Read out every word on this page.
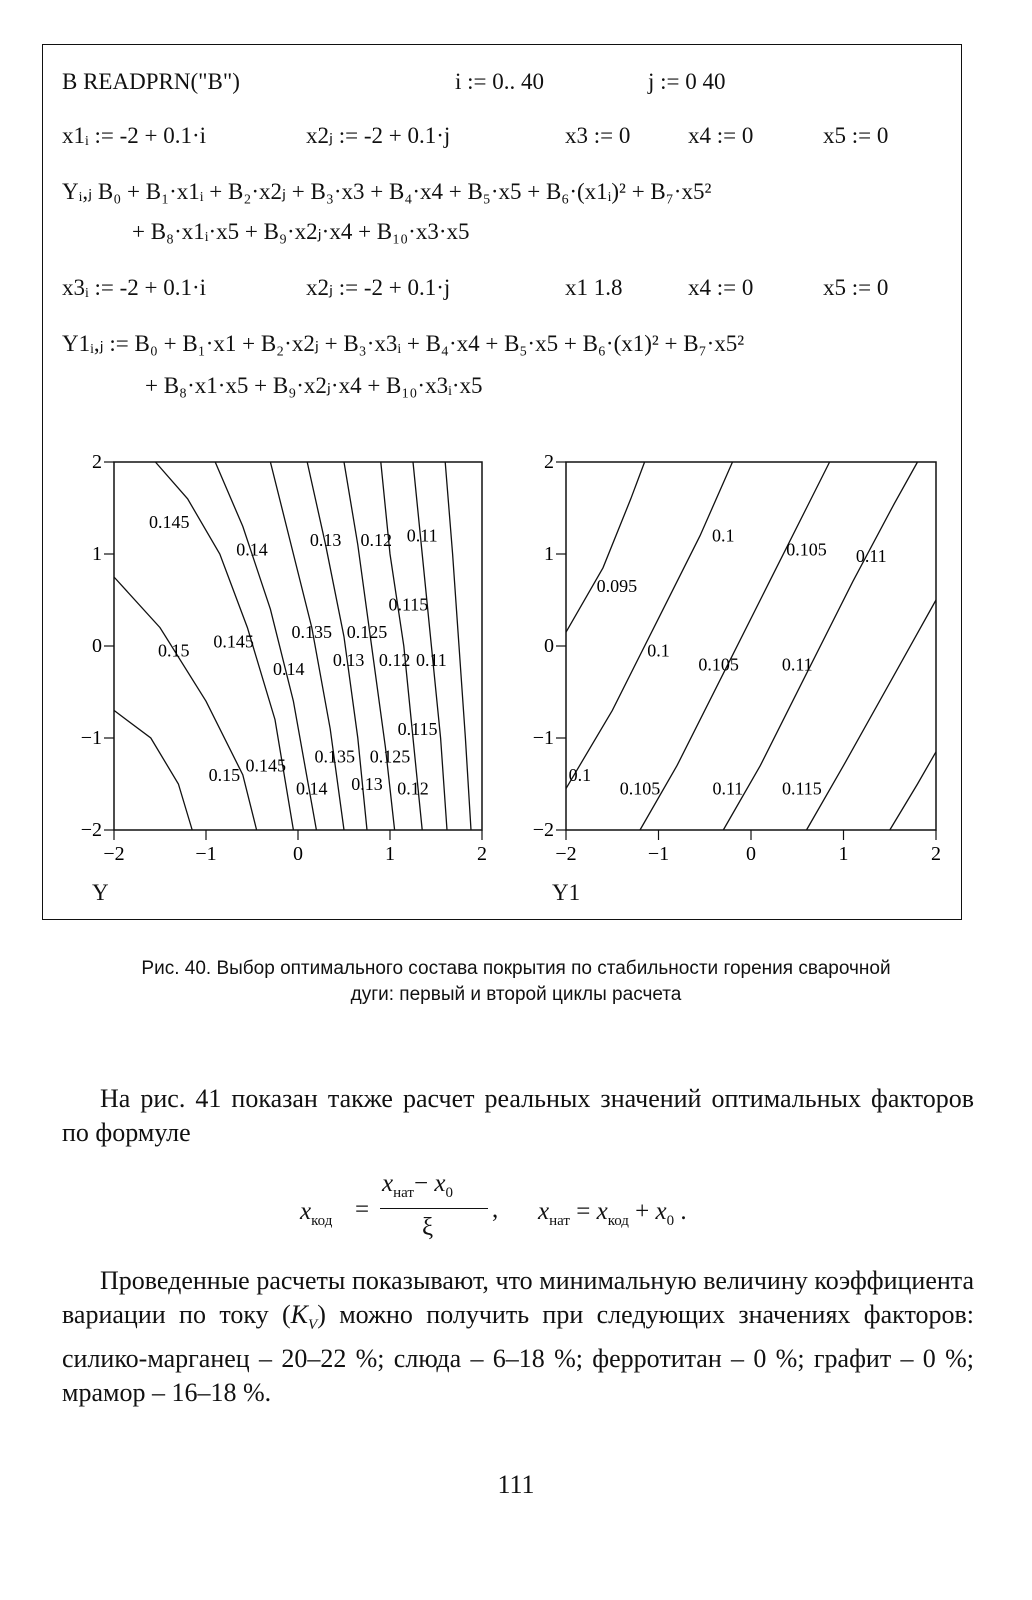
B READPRN("B")	i := 0.. 40	j := 0 40
x1ᵢ := -2 + 0.1·i	x2ⱼ := -2 + 0.1·j	x3 := 0	x4 := 0	x5 := 0
Yᵢ,ⱼ B₀ + B₁·x1ᵢ + B₂·x2ⱼ + B₃·x3 + B₄·x4 + B₅·x5 + B₆·(x1ᵢ)² + B₇·x5²
+ B₈·x1ᵢ·x5 + B₉·x2ⱼ·x4 + B₁₀·x3·x5
x3ᵢ := -2 + 0.1·i	x2ⱼ := -2 + 0.1·j	x1 1.8	x4 := 0	x5 := 0
Y1ᵢ,ⱼ := B₀ + B₁·x1 + B₂·x2ⱼ + B₃·x3ᵢ + B₄·x4 + B₅·x5 + B₆·(x1)² + B₇·x5²
+ B₈·x1·x5 + B₉·x2ⱼ·x4 + B₁₀·x3ᵢ·x5
−2	−1	0	1	2
2
1
0
−1
−2
0.145
0.14 0.13 0.12 0.11
0.115
0.135 0.125
0.15 0.145
0.14 0.13 0.12 0.11
0.115
0.135 0.125
0.15 0.145
0.14 0.13 0.12
Y
−2	−1	0	1	2
2
1
0
−1
−2
0.1
0.105 0.11
0.095
0.1
0.105 0.11
0.1
0.105	0.11 0.115
Y1
Рис. 40. Выбор оптимального состава покрытия по стабильности горения сварочной
дуги: первый и второй циклы расчета
На рис. 41 показан также расчет реальных значений оптимальных факторов по формуле
$x_{код}$ =
$x_{нат}- x_0$
ξ
, $x_{нат} = x_{код} + x_0$ .
Проведенные расчеты показывают, что минимальную величину коэффициента вариации по току $(K_V)$ можно получить при следующих значениях факторов: силико-марганец – 20–22 %; слюда – 6–18 %; ферротитан – 0 %; графит – 0 %; мрамор – 16–18 %.
111
